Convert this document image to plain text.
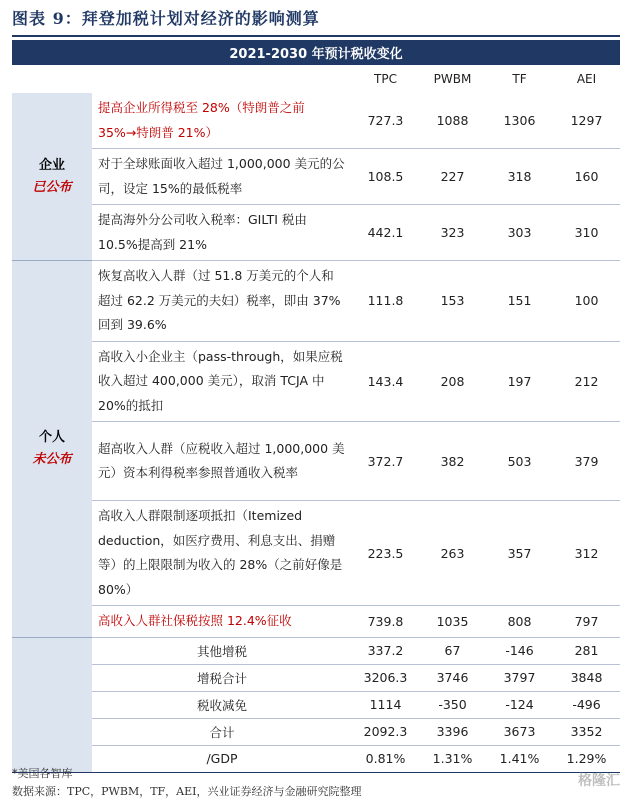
图表 9：拜登加税计划对经济的影响测算
2021-2030 年预计税收变化					
		TPC	PWBM	TF	AEI

企业
已公布	提高企业所得税至 28%（特朗普之前 35%→特朗普 21%）	727.3	1088	1306	1297
	对于全球账面收入超过 1,000,000 美元的公司，设定 15%的最低税率	108.5	227	318	160
	提高海外分公司收入税率：GILTI 税由 10.5%提高到 21%	442.1	323	303	310

个人
未公布	恢复高收入人群（过 51.8 万美元的个人和超过 62.2 万美元的夫妇）税率，即由 37%回到 39.6%	111.8	153	151	100
	高收入小企业主（pass-through，如果应税收入超过 400,000 美元），取消 TCJA 中 20%的抵扣	143.4	208	197	212
	超高收入人群（应税收入超过 1,000,000 美元）资本利得税率参照普通收入税率	372.7	382	503	379
	高收入人群限制逐项抵扣（Itemized deduction，如医疗费用、利息支出、捐赠等）的上限限制为收入的 28%（之前好像是 80%）	223.5	263	357	312
	高收入人群社保税按照 12.4%征收	739.8	1035	808	797
	其他增税	337.2	67	-146	281
	增税合计	3206.3	3746	3797	3848
	税收减免	1114	-350	-124	-496
	合计	2092.3	3396	3673	3352
	/GDP	0.81%	1.31%	1.41%	1.29%
*美国各智库
数据来源：TPC，PWBM，TF，AEI，兴业证券经济与金融研究院整理
格隆汇
